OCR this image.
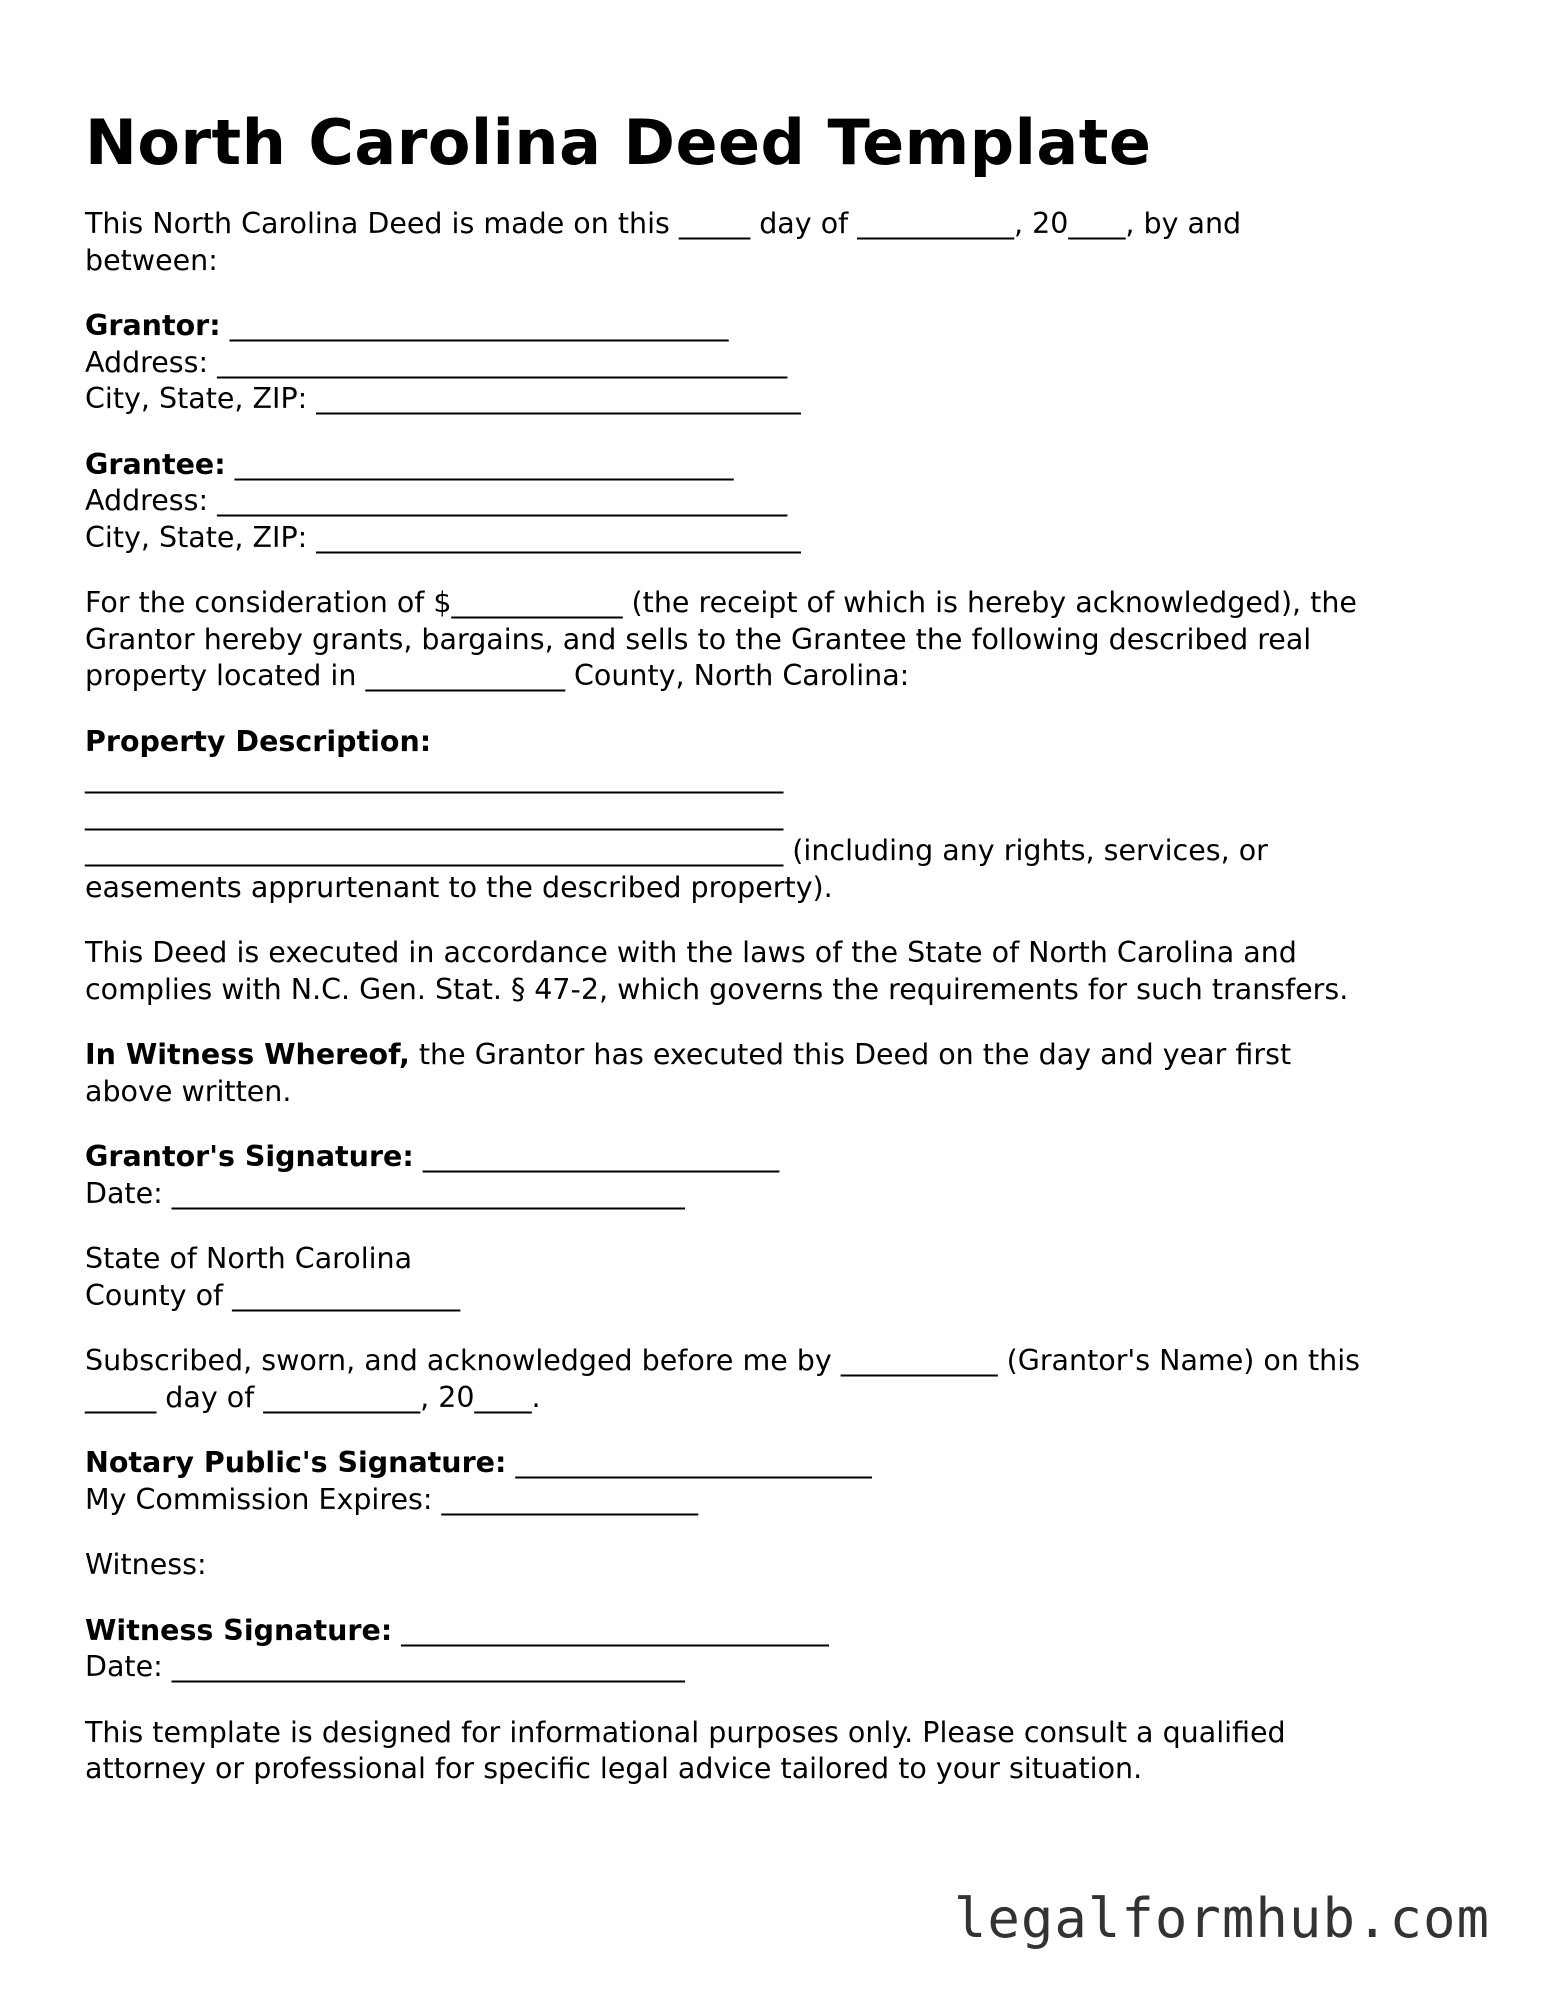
North Carolina Deed Template
This North Carolina Deed is made on this _____ day of ___________, 20____, by and
between:
Grantor: ___________________________________
Address: ________________________________________
City, State, ZIP: __________________________________
Grantee: ___________________________________
Address: ________________________________________
City, State, ZIP: __________________________________
For the consideration of $____________ (the receipt of which is hereby acknowledged), the
Grantor hereby grants, bargains, and sells to the Grantee the following described real
property located in ______________ County, North Carolina:
Property Description:
_________________________________________________
_________________________________________________
_________________________________________________ (including any rights, services, or
easements apprurtenant to the described property).
This Deed is executed in accordance with the laws of the State of North Carolina and
complies with N.C. Gen. Stat. § 47-2, which governs the requirements for such transfers.
In Witness Whereof, the Grantor has executed this Deed on the day and year first
above written.
Grantor's Signature: _________________________
Date: ____________________________________
State of North Carolina
County of ________________
Subscribed, sworn, and acknowledged before me by ___________ (Grantor's Name) on this
_____ day of ___________, 20____.
Notary Public's Signature: _________________________
My Commission Expires: __________________
Witness:
Witness Signature: ______________________________
Date: ____________________________________
This template is designed for informational purposes only. Please consult a qualified
attorney or professional for specific legal advice tailored to your situation.
legalformhub.com
